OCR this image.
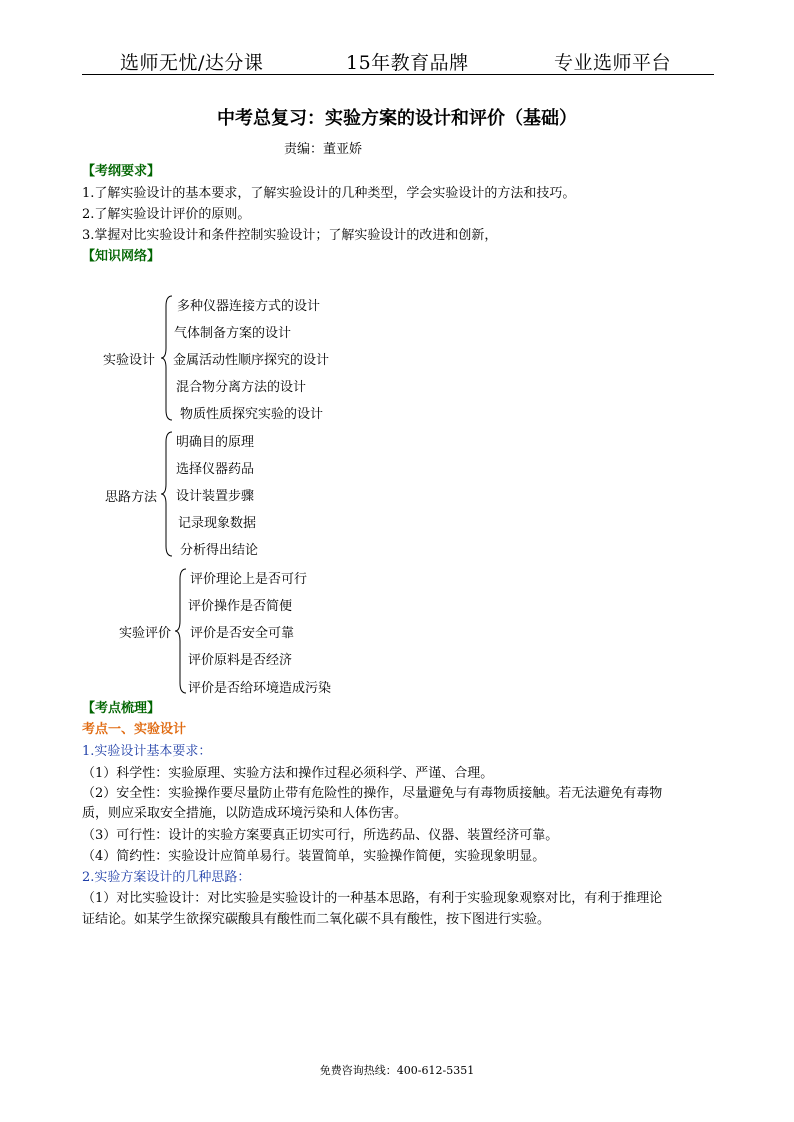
选师无忧/达分课	15年教育品牌	专业选师平台
中考总复习：实验方案的设计和评价（基础）
责编：董亚娇
【考纲要求】
1.了解实验设计的基本要求，了解实验设计的几种类型，学会实验设计的方法和技巧。
2.了解实验设计评价的原则。
3.掌握对比实验设计和条件控制实验设计；了解实验设计的改进和创新，
【知识网络】
实验设计
多种仪器连接方式的设计
气体制备方案的设计
金属活动性顺序探究的设计
混合物分离方法的设计
物质性质探究实验的设计
思路方法
明确目的原理
选择仪器药品
设计装置步骤
记录现象数据
分析得出结论
实验评价
评价理论上是否可行
评价操作是否简便
评价是否安全可靠
评价原料是否经济
评价是否给环境造成污染
【考点梳理】
考点一、实验设计
1.实验设计基本要求：
（1）科学性：实验原理、实验方法和操作过程必须科学、严谨、合理。
（2）安全性：实验操作要尽量防止带有危险性的操作，尽量避免与有毒物质接触。若无法避免有毒物
质，则应采取安全措施，以防造成环境污染和人体伤害。
（3）可行性：设计的实验方案要真正切实可行，所选药品、仪器、装置经济可靠。
（4）简约性：实验设计应简单易行。装置简单，实验操作简便，实验现象明显。
2.实验方案设计的几种思路：
（1）对比实验设计：对比实验是实验设计的一种基本思路，有利于实验现象观察对比，有利于推理论
证结论。如某学生欲探究碳酸具有酸性而二氧化碳不具有酸性，按下图进行实验。
免费咨询热线：400-612-5351
